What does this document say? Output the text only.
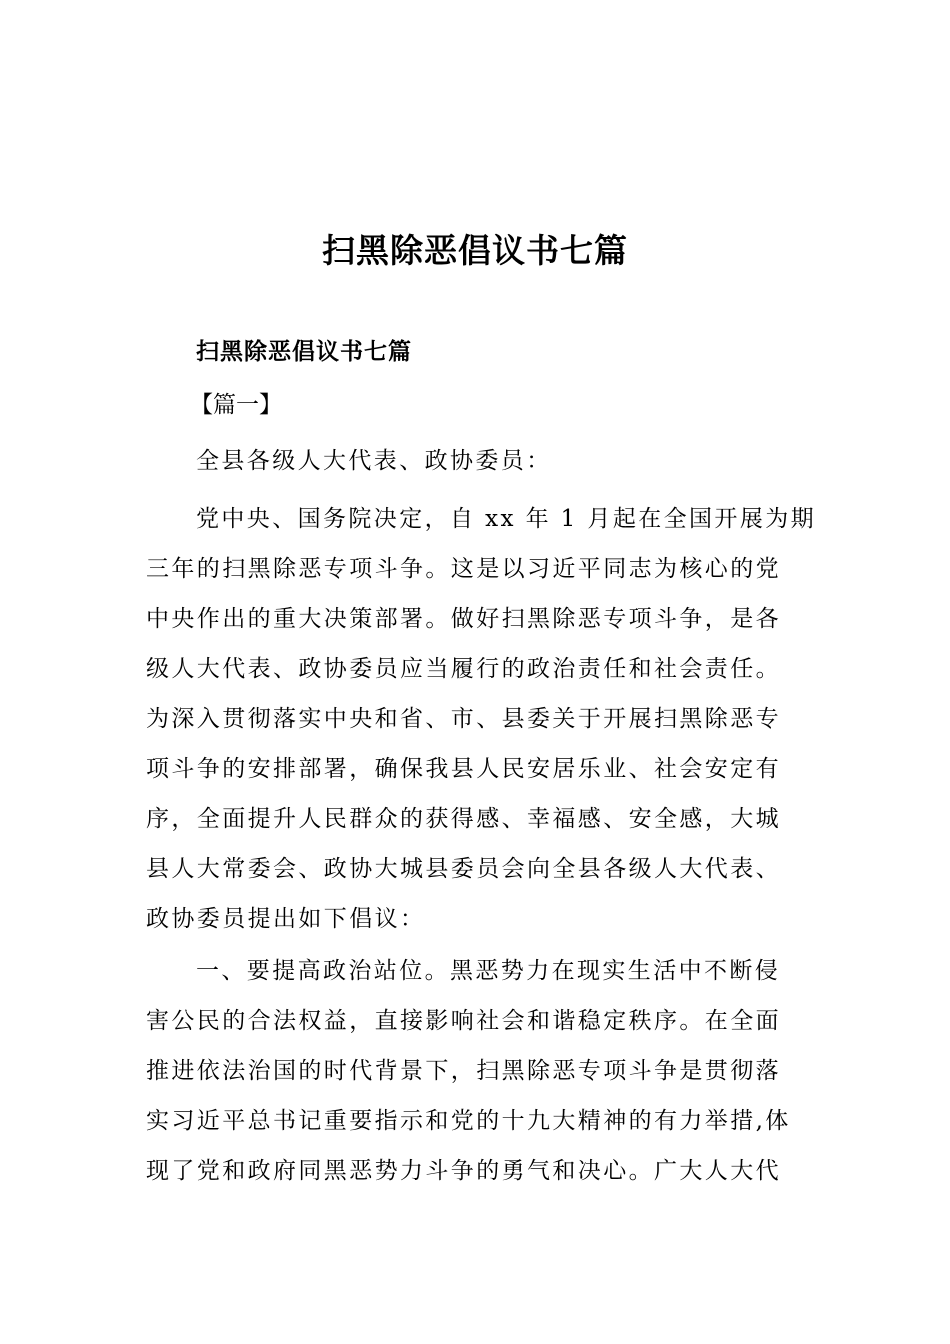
扫黑除恶倡议书七篇
扫黑除恶倡议书七篇
【篇一】
全县各级人大代表、政协委员：
党中央、国务院决定，自 xx 年 1 月起在全国开展为期
三年的扫黑除恶专项斗争。这是以习近平同志为核心的党
中央作出的重大决策部署。做好扫黑除恶专项斗争，是各
级人大代表、政协委员应当履行的政治责任和社会责任。
为深入贯彻落实中央和省、市、县委关于开展扫黑除恶专
项斗争的安排部署，确保我县人民安居乐业、社会安定有
序，全面提升人民群众的获得感、幸福感、安全感，大城
县人大常委会、政协大城县委员会向全县各级人大代表、
政协委员提出如下倡议：
一、要提高政治站位。黑恶势力在现实生活中不断侵
害公民的合法权益，直接影响社会和谐稳定秩序。在全面
推进依法治国的时代背景下，扫黑除恶专项斗争是贯彻落
实习近平总书记重要指示和党的十九大精神的有力举措,体
现了党和政府同黑恶势力斗争的勇气和决心。广大人大代
